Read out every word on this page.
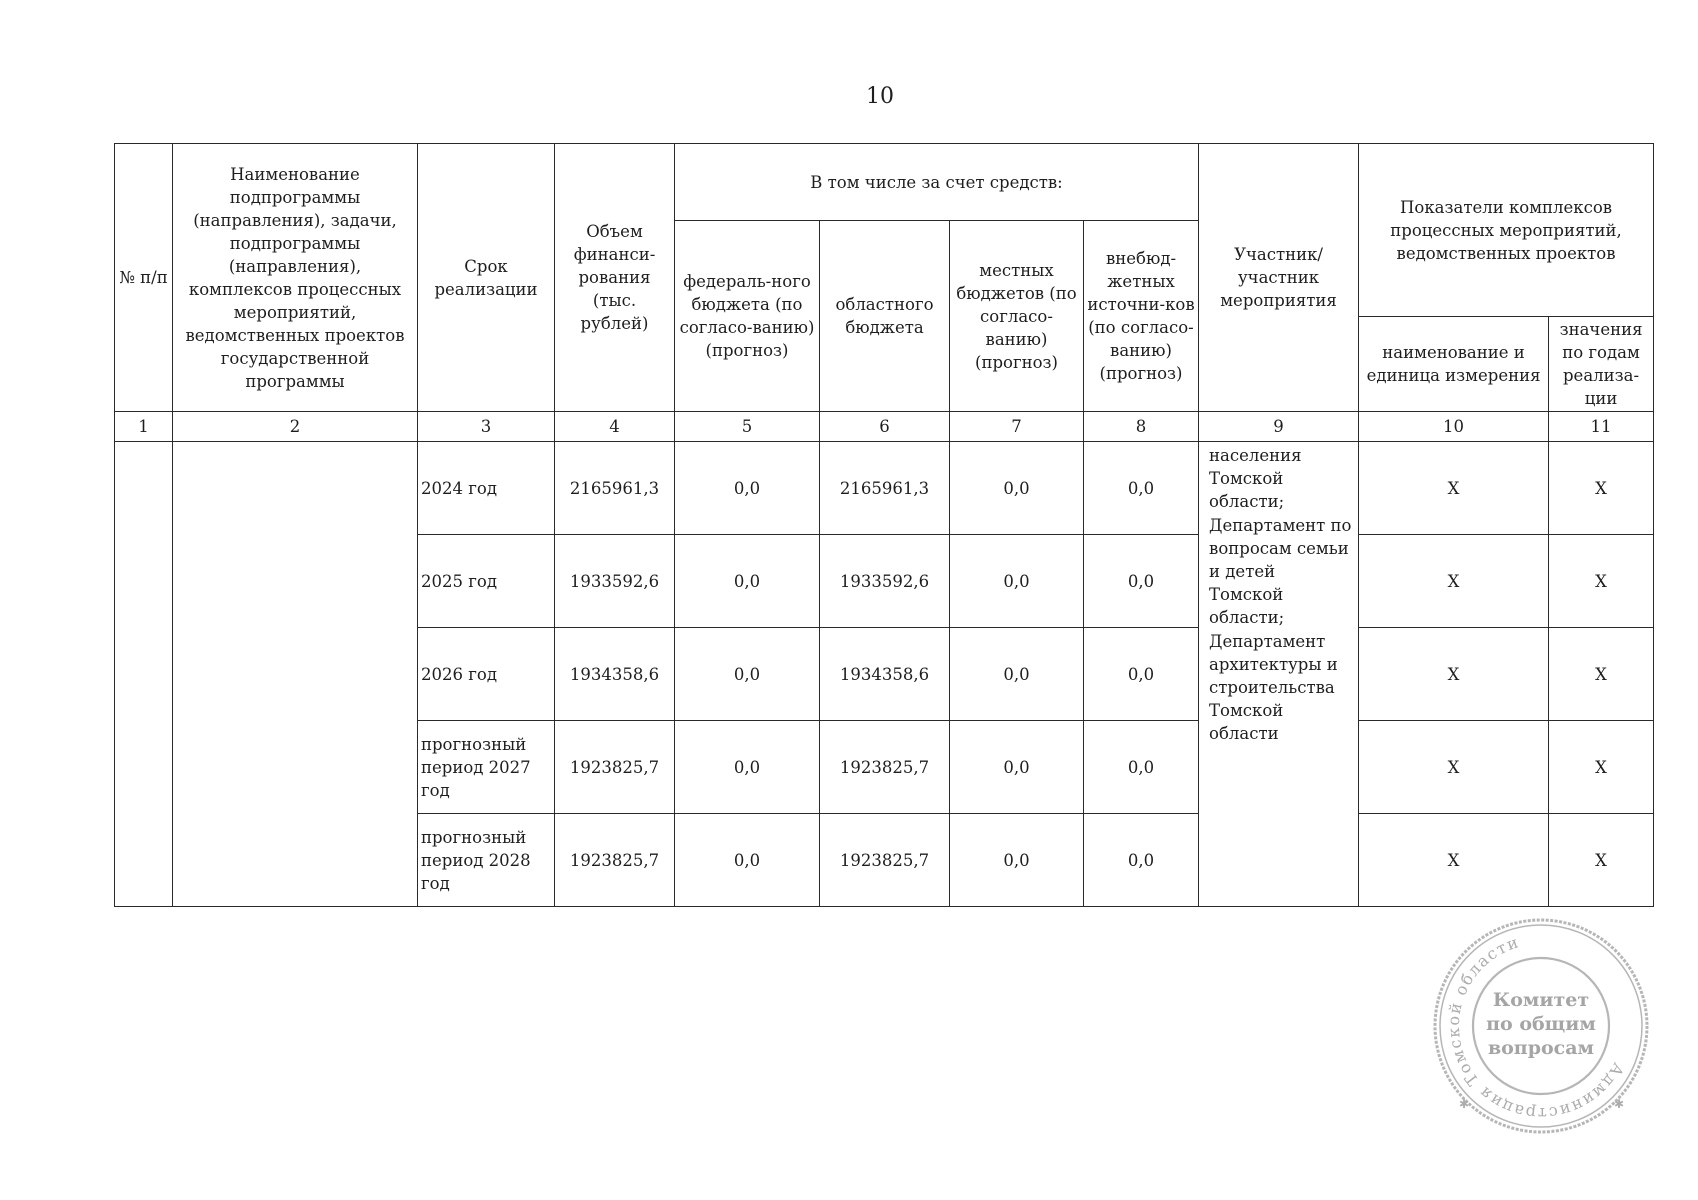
10
№ п/п	Наименование подпрограммы (направления), задачи, подпрограммы (направления), комплексов процессных мероприятий, ведомственных проектов государственной программы	Срок реализации	Объем финанси-рования (тыс. рублей)	В том числе за счет средств:				Участник/ участник мероприятия	Показатели комплексов процессных мероприятий, ведомственных проектов	
				федераль-ного бюджета (по согласо-ванию) (прогноз)	областного бюджета	местных бюджетов (по согласо-ванию) (прогноз)	внебюд-жетных источни-ков (по согласо-ванию) (прогноз)			
									наименование и единица измерения	значения по годам реализа-ции
1	2	3	4	5	6	7	8	9	10	11
		2024 год	2165961,3	0,0	2165961,3	0,0	0,0	населения Томской области; Департамент по вопросам семьи и детей Томской области; Департамент архитектуры и строительства Томской области	Х	Х
		2025 год	1933592,6	0,0	1933592,6	0,0	0,0		Х	Х
		2026 год	1934358,6	0,0	1934358,6	0,0	0,0		Х	Х
		прогнозный период 2027 год	1923825,7	0,0	1923825,7	0,0	0,0		Х	Х
		прогнозный период 2028 год	1923825,7	0,0	1923825,7	0,0	0,0		Х	Х
Администрация Томской области
✱	✱
Комитет
по общим
вопросам
